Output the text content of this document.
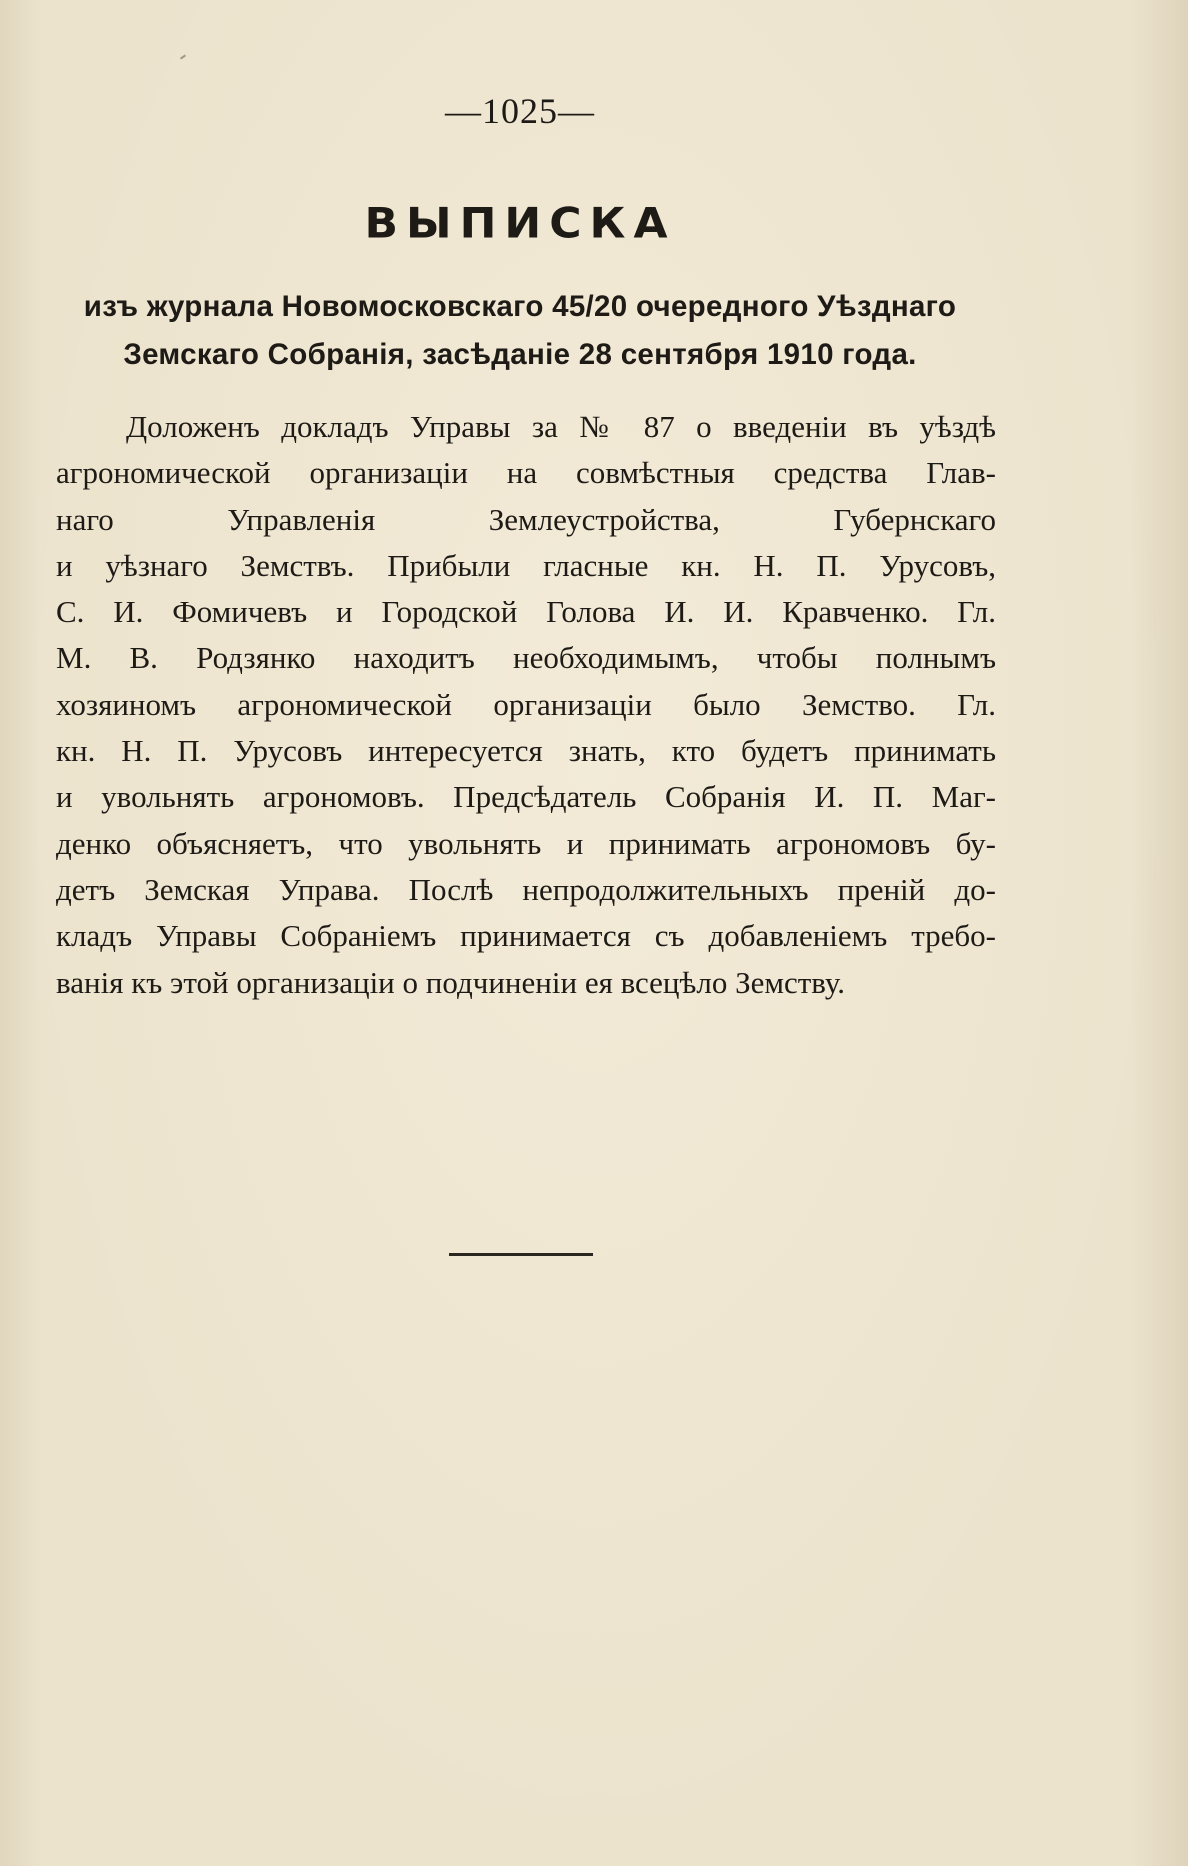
—1025—
ВЫПИСКА
изъ журнала Новомосковскаго 45/20 очередного Уѣзднаго
Земскаго Собранія, засѣданіе 28 сентября 1910 года.
Доложенъ докладъ Управы за № 87 о введеніи въ уѣздѣ
агрономической организаціи на совмѣстныя средства Глав-
наго Управленія Землеустройства, Губернскаго
и уѣзнаго Земствъ. Прибыли гласные кн. Н. П. Урусовъ,
С. И. Фомичевъ и Городской Голова И. И. Кравченко. Гл.
М. В. Родзянко находитъ необходимымъ, чтобы полнымъ
хозяиномъ агрономической организаціи было Земство. Гл.
кн. Н. П. Урусовъ интересуется знать, кто будетъ принимать
и увольнять агрономовъ. Предсѣдатель Собранія И. П. Маг-
денко объясняетъ, что увольнять и принимать агрономовъ бу-
детъ Земская Управа. Послѣ непродолжительныхъ преній до-
кладъ Управы Собраніемъ принимается съ добавленіемъ требо-
ванія къ этой организаціи о подчиненіи ея всецѣло Земству.
